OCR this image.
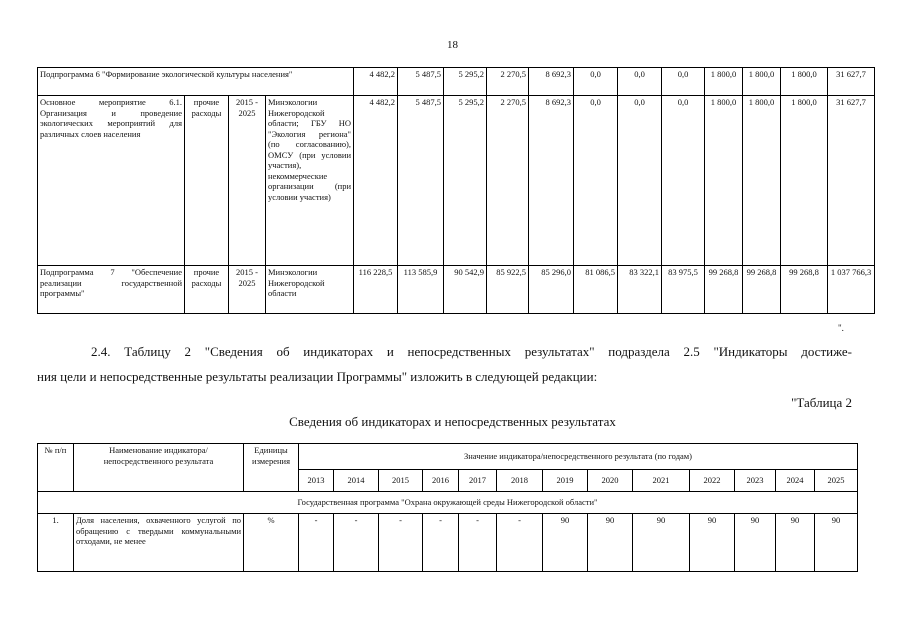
18
Подпрограмма 6 "Формирование экологической культуры населения"				4 482,2	5 487,5	5 295,2	2 270,5	8 692,3	0,0	0,0	0,0	1 800,0	1 800,0	1 800,0	31 627,7
Основное мероприятие 6.1. Организация и проведение экологических мероприятий для различных слоев населения	прочие расходы	2015 - 2025	Минэкологии Нижегородской области; ГБУ НО "Экология региона" (по согласованию), ОМСУ (при условии участия), некоммерческие организации (при условии участия)	4 482,2	5 487,5	5 295,2	2 270,5	8 692,3	0,0	0,0	0,0	1 800,0	1 800,0	1 800,0	31 627,7
Подпрограмма 7 "Обеспечение реализации государственной программы"	прочие расходы	2015 - 2025	Минэкологии Нижегородской области	116 228,5	113 585,9	90 542,9	85 922,5	85 296,0	81 086,5	83 322,1	83 975,5	99 268,8	99 268,8	99 268,8	1 037 766,3
".
2.4. Таблицу 2 "Сведения об индикаторах и непосредственных результатах" подраздела 2.5 "Индикаторы достиже-
ния цели и непосредственные результаты реализации Программы" изложить в следующей редакции:
"Таблица 2
Сведения об индикаторах и непосредственных результатах
№ п/п	Наименование индикатора/непосредственного результата	Единицы измерения	Значение индикатора/непосредственного результата (по годам)												
			2013	2014	2015	2016	2017	2018	2019	2020	2021	2022	2023	2024	2025
Государственная программа "Охрана окружающей среды Нижегородской области"															
1.	Доля населения, охваченного услугой по обращению с твердыми коммунальными отходами, не менее	%	-	-	-	-	-	-	90	90	90	90	90	90	90
